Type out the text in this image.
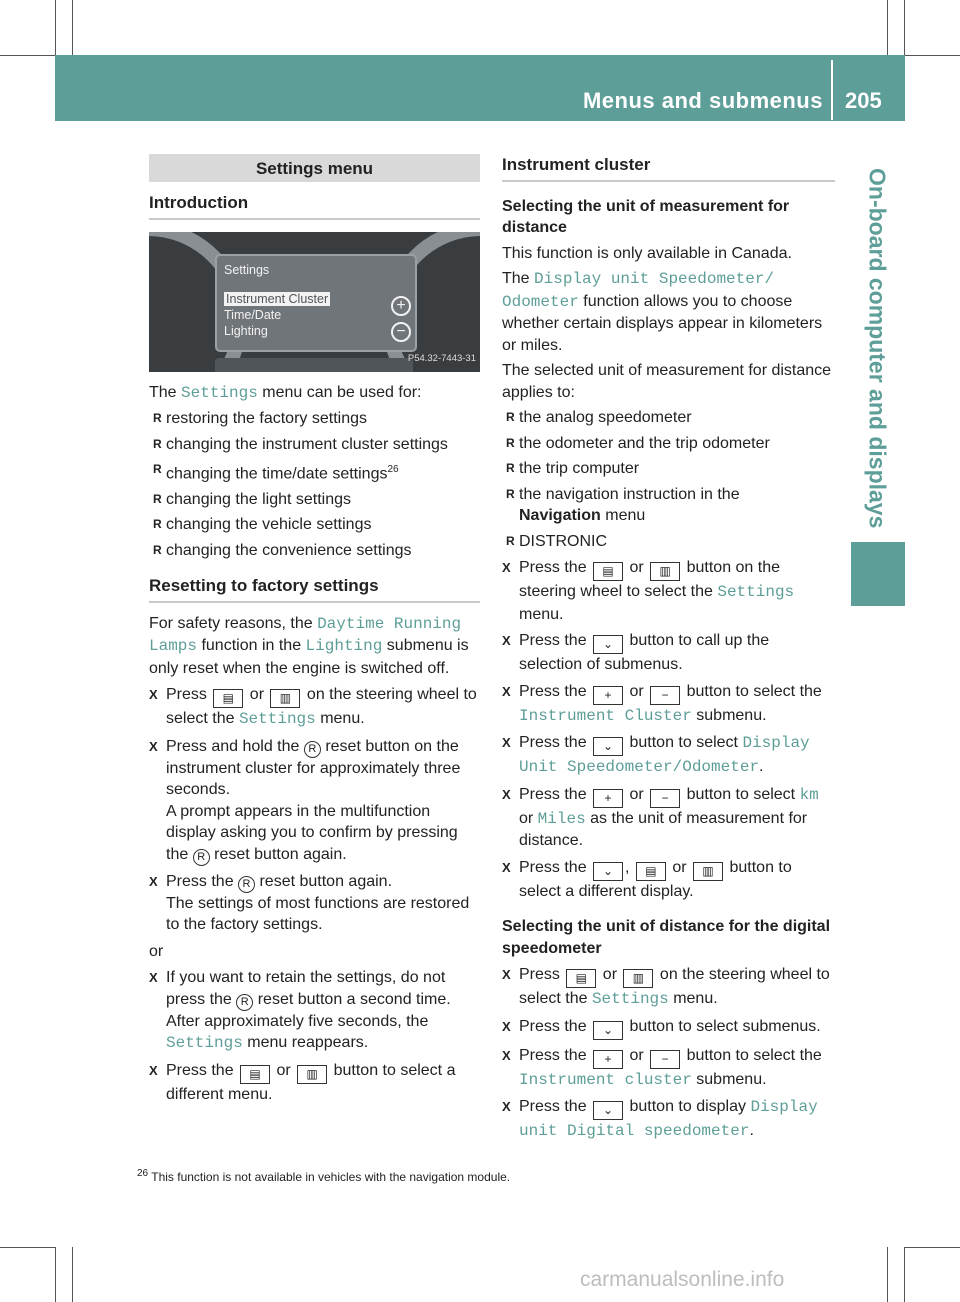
Menus and submenus 205
On-board computer and displays
Settings menu
Introduction
Settings
Instrument Cluster
Time/Date
Lighting
+
−
P54.32-7443-31

The Settings menu can be used for:

R restoring the factory settings
R changing the instrument cluster settings
R changing the time/date settings$^{26}$
R changing the light settings
R changing the vehicle settings
R changing the convenience settings
Resetting to factory settings

For safety reasons, the Daytime Running Lamps function in the Lighting submenu is only reset when the engine is switched off.

X Press ▤ or ▥ on the steering wheel to select the Settings menu.
X Press and hold the R reset button on the instrument cluster for approximately three seconds.
A prompt appears in the multifunction display asking you to confirm by pressing the R reset button again.
X Press the R reset button again.
The settings of most functions are restored to the factory settings.

or

X If you want to retain the settings, do not press the R reset button a second time.
After approximately five seconds, the Settings menu reappears.
X Press the ▤ or ▥ button to select a different menu.
Instrument cluster

Selecting the unit of measurement for distance

This function is only available in Canada.

The Display unit Speedometer/ Odometer function allows you to choose whether certain displays appear in kilometers or miles.

The selected unit of measurement for distance applies to:

R the analog speedometer
R the odometer and the trip odometer
R the trip computer
R the navigation instruction in the
Navigation menu
R DISTRONIC
X Press the ▤ or ▥ button on the steering wheel to select the Settings menu.
X Press the ⌄ button to call up the selection of submenus.
X Press the + or − button to select the Instrument Cluster submenu.
X Press the ⌄ button to select Display Unit Speedometer/Odometer.
X Press the + or − button to select km or Miles as the unit of measurement for distance.
X Press the ⌄ , ▤ or ▥ button to select a different display.

Selecting the unit of distance for the digital speedometer

X Press ▤ or ▥ on the steering wheel to select the Settings menu.
X Press the ⌄ button to select submenus.
X Press the + or − button to select the Instrument cluster submenu.
X Press the ⌄ button to display Display unit Digital speedometer.
$^{26}$ This function is not available in vehicles with the navigation module.
carmanualsonline.info
